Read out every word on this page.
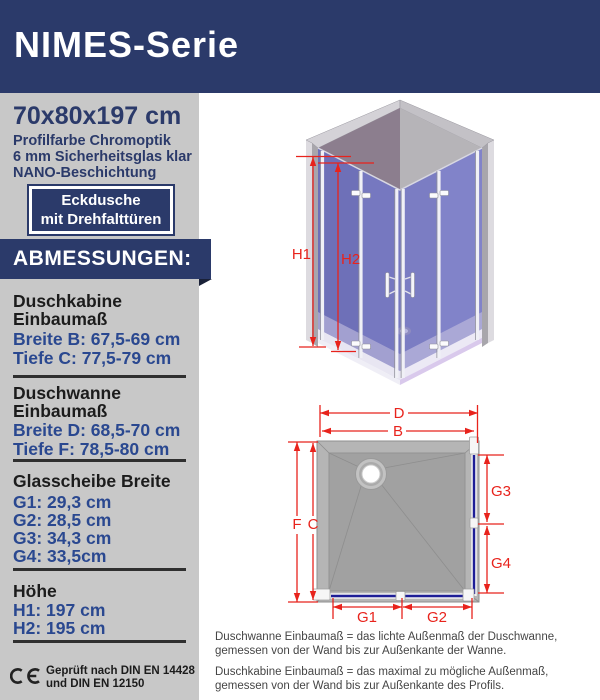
NIMES-Serie
70x80x197 cm
Profilfarbe Chromoptik
6 mm Sicherheitsglas klar
NANO-Beschichtung
Eckdusche
mit Drehfalttüren
ABMESSUNGEN:
Duschkabine
Einbaumaß
Breite B: 67,5-69 cm
Tiefe C: 77,5-79 cm
Duschwanne
Einbaumaß
Breite D: 68,5-70 cm
Tiefe F: 78,5-80 cm
Glasscheibe Breite
G1: 29,3 cm
G2: 28,5 cm
G3: 34,3 cm
G4: 33,5cm
Höhe
H1: 197 cm
H2: 195 cm
Geprüft nach DIN EN 14428
und DIN EN 12150
H1 H2
D
B
F C
G3
G4
G1	G2
Duschwanne Einbaumaß = das lichte Außenmaß der Duschwanne,
gemessen von der Wand bis zur Außenkante der Wanne.
Duschkabine Einbaumaß = das maximal zu mögliche Außenmaß,
gemessen von der Wand bis zur Außenkante des Profils.
